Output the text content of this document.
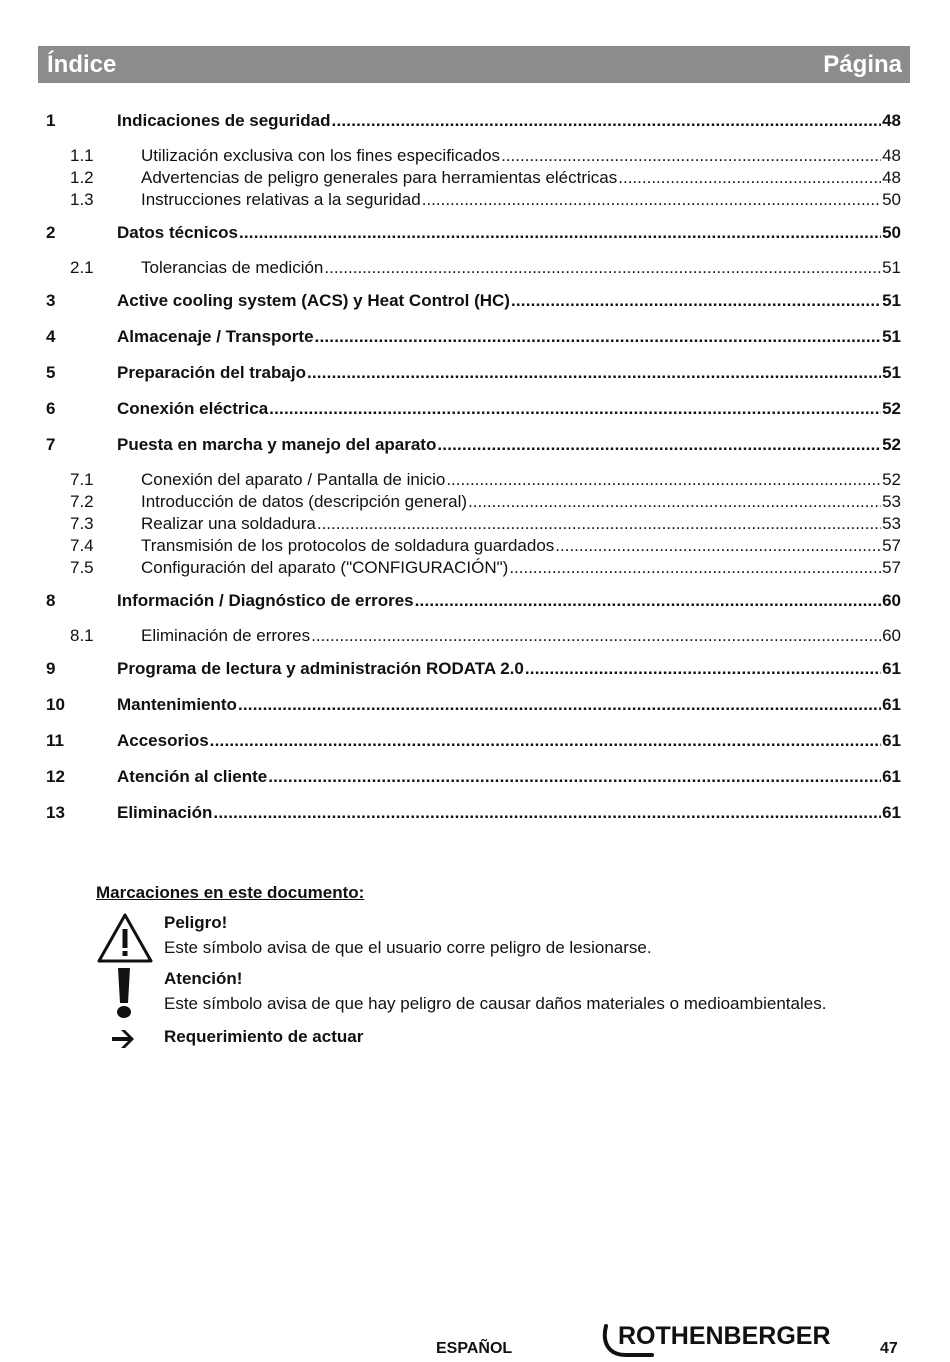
Índice	Página
1	Indicaciones de seguridad .....	48
1.1	Utilización exclusiva con los fines especificados .....	48
1.2	Advertencias de peligro generales para herramientas eléctricas .....	48
1.3	Instrucciones relativas a la seguridad .....	50
2	Datos técnicos .....	50
2.1	Tolerancias de medición .....	51
3	Active cooling system (ACS) y Heat Control (HC) .....	51
4	Almacenaje / Transporte .....	51
5	Preparación del trabajo .....	51
6	Conexión eléctrica .....	52
7	Puesta en marcha y manejo del aparato .....	52
7.1	Conexión del aparato / Pantalla de inicio .....	52
7.2	Introducción de datos (descripción general) .....	53
7.3	Realizar una soldadura .....	53
7.4	Transmisión de los protocolos de soldadura guardados .....	57
7.5	Configuración del aparato ("CONFIGURACIÓN") .....	57
8	Información / Diagnóstico de errores .....	60
8.1	Eliminación de errores .....	60
9	Programa de lectura y administración RODATA 2.0 .....	61
10	Mantenimiento .....	61
11	Accesorios .....	61
12	Atención al cliente .....	61
13	Eliminación .....	61
Marcaciones en este documento:
Peligro!
Este símbolo avisa de que el usuario corre peligro de lesionarse.
Atención!
Este símbolo avisa de que hay peligro de causar daños materiales o medioambientales.
Requerimiento de actuar
ESPAÑOL	ROTHENBERGER	47
